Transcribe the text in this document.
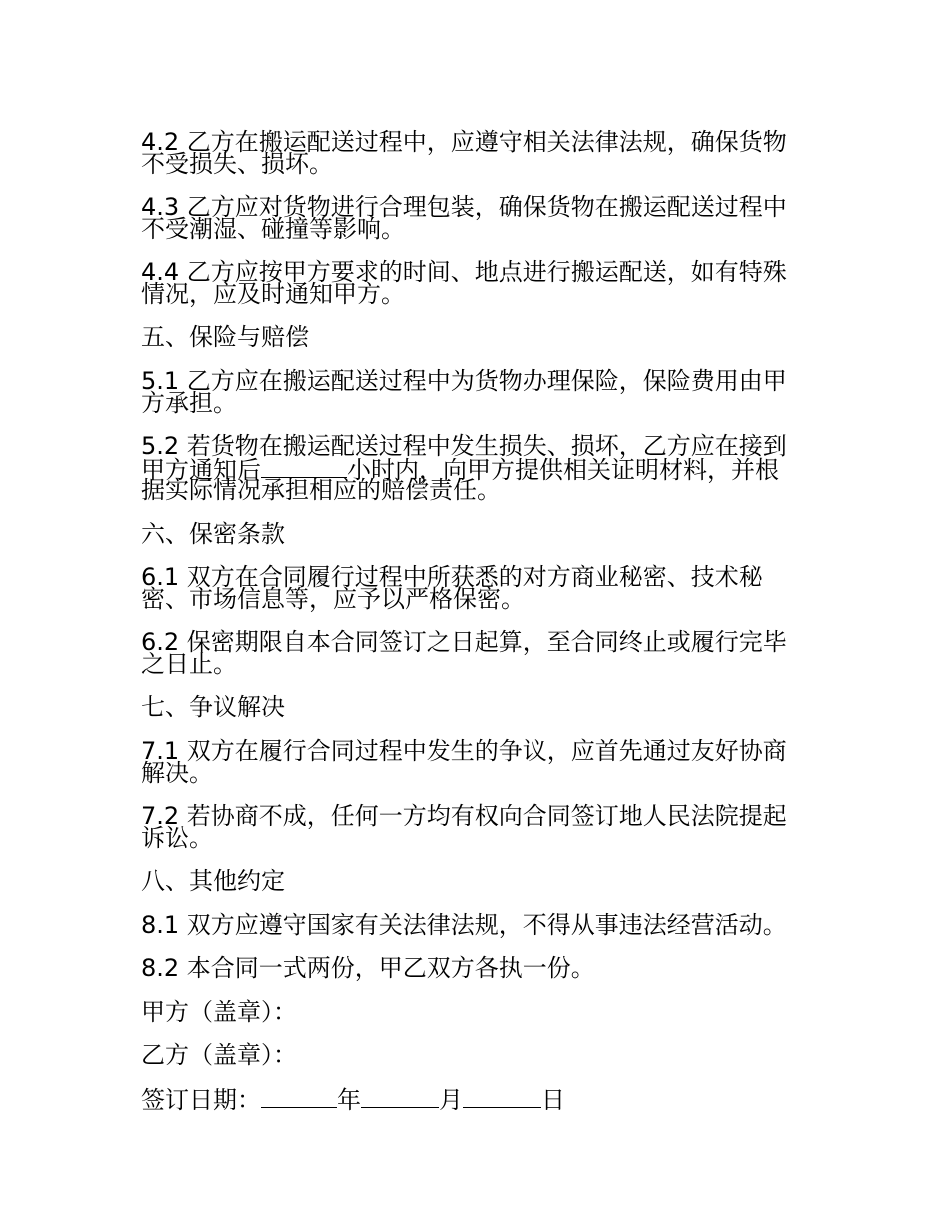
4.2 乙方在搬运配送过程中，应遵守相关法律法规，确保货物
不受损失、损坏。
4.3 乙方应对货物进行合理包装，确保货物在搬运配送过程中
不受潮湿、碰撞等影响。
4.4 乙方应按甲方要求的时间、地点进行搬运配送，如有特殊
情况，应及时通知甲方。
五、保险与赔偿
5.1 乙方应在搬运配送过程中为货物办理保险，保险费用由甲
方承担。
5.2 若货物在搬运配送过程中发生损失、损坏，乙方应在接到
甲方通知后	小时内，向甲方提供相关证明材料，并根
据实际情况承担相应的赔偿责任。
六、保密条款
6.1 双方在合同履行过程中所获悉的对方商业秘密、技术秘
密、市场信息等，应予以严格保密。
6.2 保密期限自本合同签订之日起算，至合同终止或履行完毕
之日止。
七、争议解决
7.1 双方在履行合同过程中发生的争议，应首先通过友好协商
解决。
7.2 若协商不成，任何一方均有权向合同签订地人民法院提起
诉讼。
八、其他约定
8.1 双方应遵守国家有关法律法规，不得从事违法经营活动。
8.2 本合同一式两份，甲乙双方各执一份。
甲方（盖章）：
乙方（盖章）：
签订日期：	年	月	日
